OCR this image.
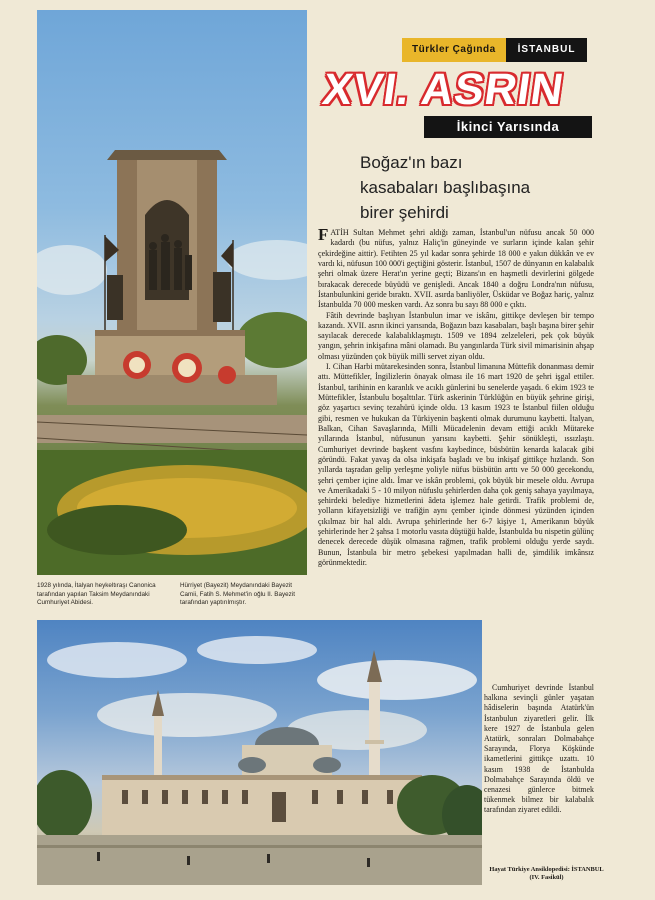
1928 yılında, İtalyan heykeltıraşı Canonica tarafından yapılan Taksim Meydanındaki Cumhuriyet Abidesi.
Hürriyet (Bayezit) Meydanındaki Bayezit Camii, Fatih S. Mehmet'in oğlu II. Bayezit tarafından yaptırılmıştır.
Türkler Çağında	İSTANBUL
XVI. ASRIN
İkinci Yarısında
Boğaz'ın bazı kasabaları başlıbaşına birer şehirdi

FATİH Sultan Mehmet şehri aldığı zaman, İstanbul'un nüfusu ancak 50 000 kadardı (bu nüfus, yalnız Haliç'in güneyinde ve surların içinde kalan şehir çekirdeğine aittir). Fetihten 25 yıl kadar sonra şehirde 18 000 e yakın dükkân ve ev vardı ki, nüfusun 100 000'i geçtiğini gösterir. İstanbul, 1507 de dünyanın en kalabalık şehri olmak üzere Herat'ın yerine geçti; Bizans'ın en haşmetli devirlerini gölgede bırakacak derecede büyüdü ve genişledi. Ancak 1840 a doğru Londra'nın nüfusu, İstanbulunkini geride bıraktı. XVII. asırda banliyöler, Üsküdar ve Boğaz hariç, yalnız İstanbulda 70 000 mesken vardı. Az sonra bu sayı 88 000 e çıktı.

Fâtih devrinde başlıyan İstanbulun imar ve iskânı, gittikçe devleşen bir tempo kazandı. XVII. asrın ikinci yarısında, Boğazın bazı kasabaları, başlı başına birer şehir sayılacak derecede kalabalıklaşmıştı. 1509 ve 1894 zelzeleleri, pek çok büyük yangın, şehrin inkişafına mâni olamadı. Bu yangınlarda Türk sivil mimarisinin ahşap olması yüzünden çok büyük milli servet ziyan oldu.

I. Cihan Harbi mütarekesinden sonra, İstanbul limanına Müttefik donanması demir attı. Müttefikler, İngilizlerin önayak olması ile 16 mart 1920 de şehri işgal ettiler. İstanbul, tarihinin en karanlık ve acıklı günlerini bu senelerde yaşadı. 6 ekim 1923 te Müttefikler, İstanbulu boşalttılar. Türk askerinin Türklüğün en büyük şehrine girişi, göz yaşartıcı sevinç tezahürü içinde oldu. 13 kasım 1923 te İstanbul fiilen olduğu gibi, resmen ve hukukan da Türkiyenin başkenti olmak durumunu kaybetti. İtalyan, Balkan, Cihan Savaşlarında, Milli Mücadelenin devam ettiği acıklı Mütareke yıllarında İstanbul, nüfusunun yarısını kaybetti. Şehir sönükleşti, ıssızlaştı. Cumhuriyet devrinde başkent vasfını kaybedince, büsbütün kenarda kalacak gibi göründü. Fakat yavaş da olsa inkişafa başladı ve bu inkişaf gittikçe hızlandı. Son yıllarda taşradan gelip yerleşme yoliyle nüfus büsbütün arttı ve 50 000 gecekondu, şehri çember içine aldı. İmar ve iskân problemi, çok büyük bir mesele oldu. Avrupa ve Amerikadaki 5 - 10 milyon nüfuslu şehirlerden daha çok geniş sahaya yayılmaya, şehirdeki belediye hizmetlerini âdeta işlemez hale getirdi. Trafik problemi de, yolların kifayetsizliği ve trafiğin aynı çember içinde dönmesi yüzünden içinden çıkılmaz bir hal aldı. Avrupa şehirlerinde her 6-7 kişiye 1, Amerikanın büyük şehirlerinde her 2 şahsa 1 motorlu vasıta düştüğü halde, İstanbulda bu nispetin gülünç denecek derecede düşük olmasına rağmen, trafik problemi olduğu yerde saydı. Bunun, İstanbula bir metro şebekesi yapılmadan halli de, şimdilik imkânsız görünmektedir.

Cumhuriyet devrinde İstanbul halkına sevinçli günler yaşatan hâdiselerin başında Atatürk'ün İstanbulun ziyaretleri gelir. İlk kere 1927 de İstanbula gelen Atatürk, sonraları Dolmabahçe Sarayında, Florya Köşkünde ikametlerini gittikçe uzattı. 10 kasım 1938 de İstanbulda Dolmabahçe Sarayında öldü ve cenazesi günlerce bitmek tükenmek bilmez bir kalabalık tarafından ziyaret edildi.

Hayat Türkiye Ansiklopedisi: İSTANBUL (IV. Fasikül)
